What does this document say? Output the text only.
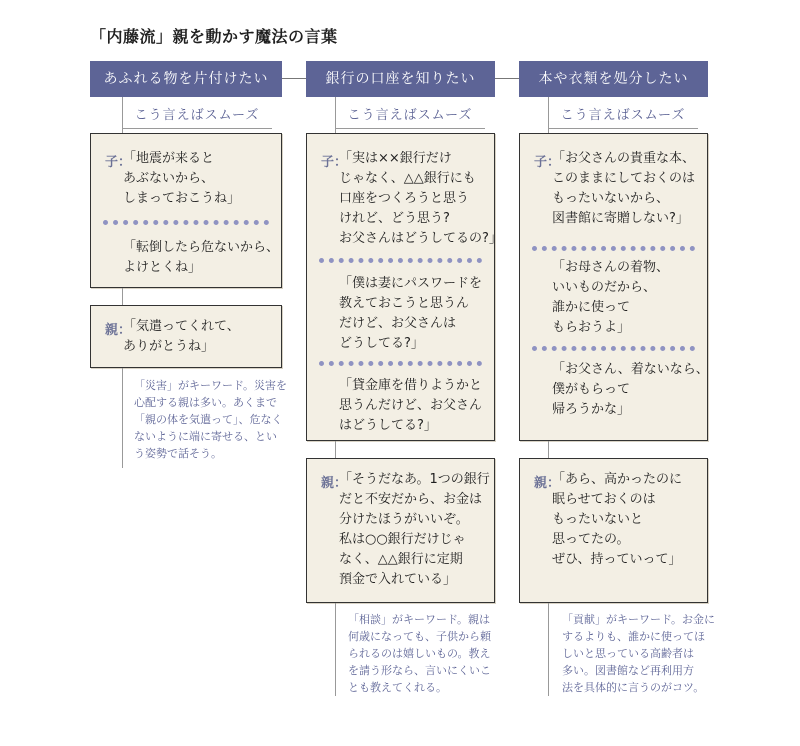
「内藤流」親を動かす魔法の言葉
あふれる物を片付けたい
こう言えばスムーズ
子：
「地震が来ると
あぶないから、
しまっておこうね」
「転倒したら危ないから、
よけとくね」
親：
「気遣ってくれて、
ありがとうね」
「災害」がキーワード。災害を
心配する親は多い。あくまで
「親の体を気遣って」、危なく
ないように端に寄せる、とい
う姿勢で話そう。
銀行の口座を知りたい
こう言えばスムーズ
子：
「実は××銀行だけ
じゃなく、△△銀行にも
口座をつくろうと思う
けれど、どう思う?
お父さんはどうしてるの?」
「僕は妻にパスワードを
教えておこうと思うん
だけど、お父さんは
どうしてる?」
「貸金庫を借りようかと
思うんだけど、お父さん
はどうしてる?」
親：
「そうだなあ。1つの銀行
だと不安だから、お金は
分けたほうがいいぞ。
私は○○銀行だけじゃ
なく、△△銀行に定期
預金で入れている」
「相談」がキーワード。親は
何歳になっても、子供から頼
られるのは嬉しいもの。教え
を請う形なら、言いにくいこ
とも教えてくれる。
本や衣類を処分したい
こう言えばスムーズ
子：
「お父さんの貴重な本、
このままにしておくのは
もったいないから、
図書館に寄贈しない?」
「お母さんの着物、
いいものだから、
誰かに使って
もらおうよ」
「お父さん、着ないなら、
僕がもらって
帰ろうかな」
親：
「あら、高かったのに
眠らせておくのは
もったいないと
思ってたの。
ぜひ、持っていって」
「貢献」がキーワード。お金に
するよりも、誰かに使ってほ
しいと思っている高齢者は
多い。図書館など再利用方
法を具体的に言うのがコツ。
